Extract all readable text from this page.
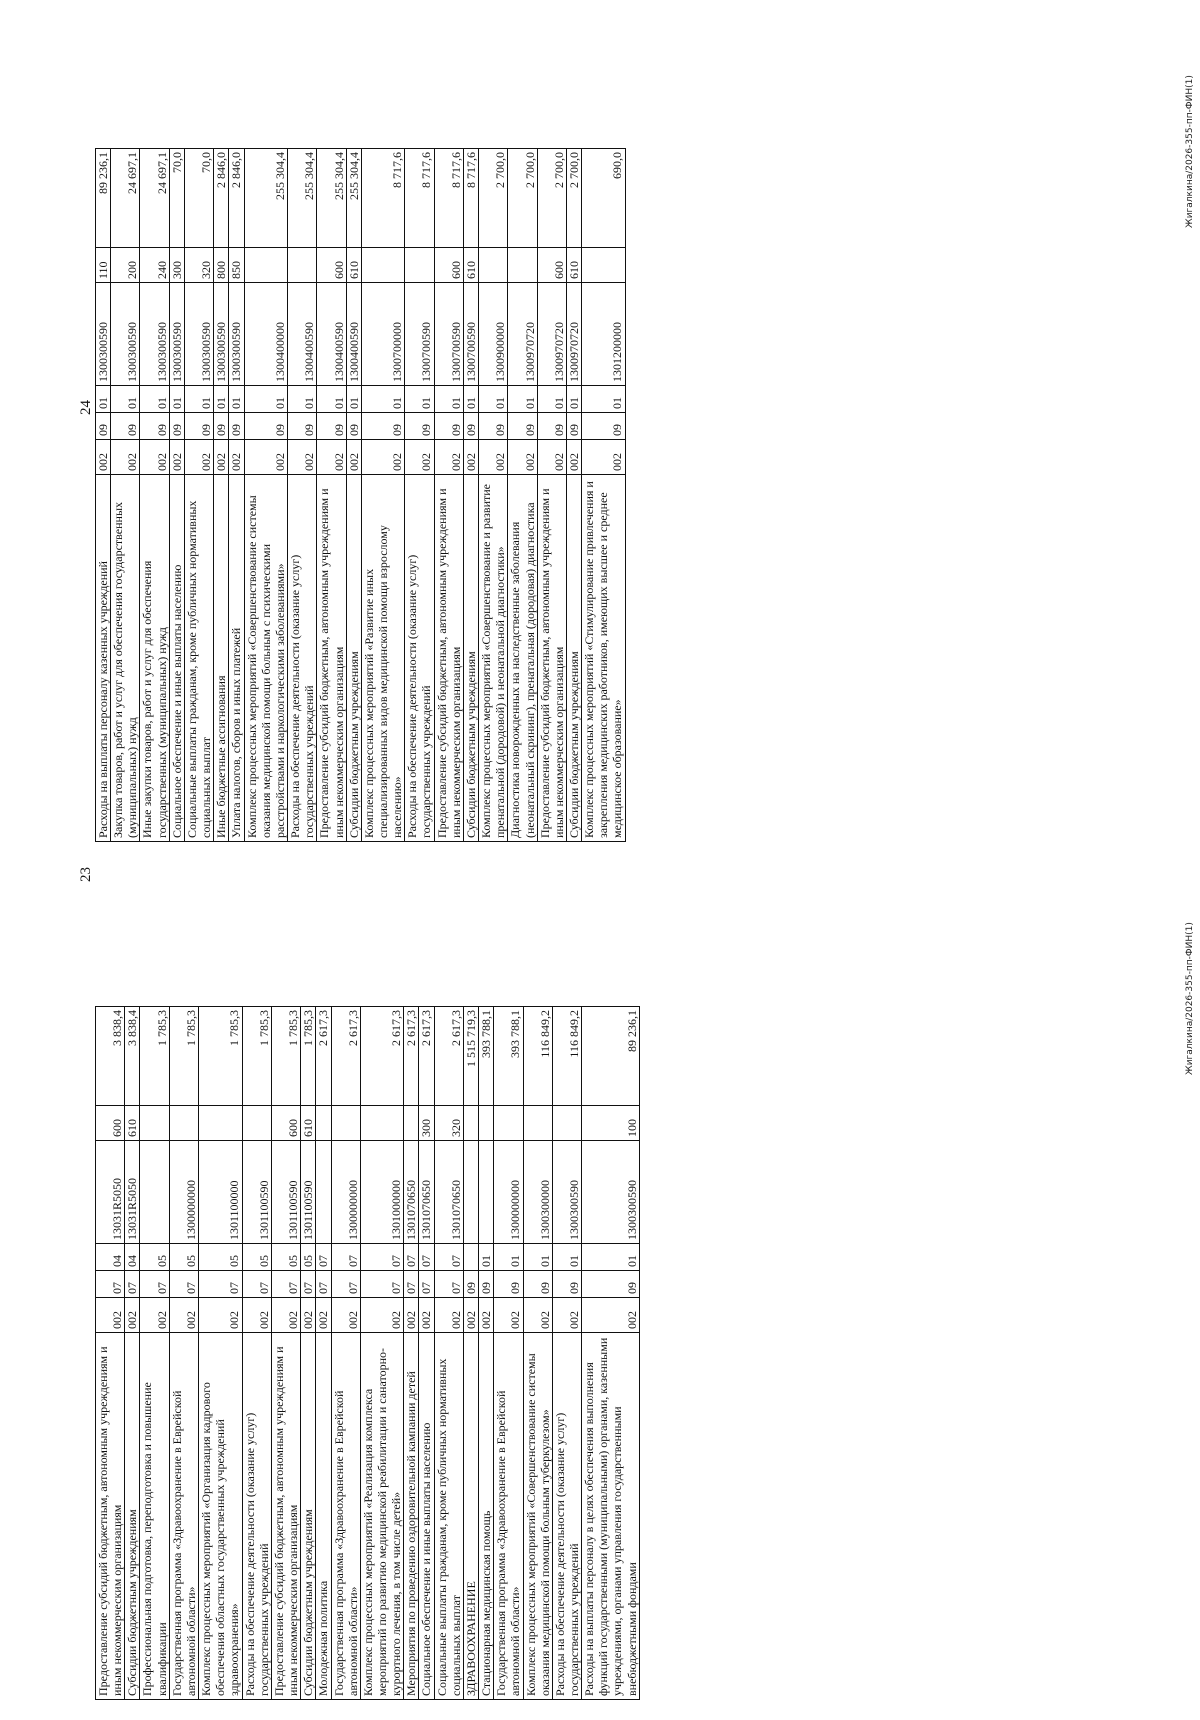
23
Предоставление субсидий бюджетным, автономным учреждениям и иным некоммерческим организациям	002	07	04	13031R5050	600	3 838,4
Субсидии бюджетным учреждениям	002	07	04	13031R5050	610	3 838,4
Профессиональная подготовка, переподготовка и повышение квалификации	002	07	05			1 785,3
Государственная программа «Здравоохранение в Еврейской автономной области»	002	07	05	1300000000		1 785,3
Комплекс процессных мероприятий «Организация кадрового обеспечения областных государственных учреждений здравоохранения»	002	07	05	1301100000		1 785,3
Расходы на обеспечение деятельности (оказание услуг) государственных учреждений	002	07	05	1301100590		1 785,3
Предоставление субсидий бюджетным, автономным учреждениям и иным некоммерческим организациям	002	07	05	1301100590	600	1 785,3
Субсидии бюджетным учреждениям	002	07	05	1301100590	610	1 785,3
Молодежная политика	002	07	07			2 617,3
Государственная программа «Здравоохранение в Еврейской автономной области»	002	07	07	1300000000		2 617,3
Комплекс процессных мероприятий «Реализация комплекса мероприятий по развитию медицинской реабилитации и санаторно-курортного лечения, в том числе детей»	002	07	07	1301000000		2 617,3
Мероприятия по проведению оздоровительной кампании детей	002	07	07	1301070650		2 617,3
Социальное обеспечение и иные выплаты населению	002	07	07	1301070650	300	2 617,3
Социальные выплаты гражданам, кроме публичных нормативных социальных выплат	002	07	07	1301070650	320	2 617,3
ЗДРАВООХРАНЕНИЕ	002	09				1 515 719,3
Стационарная медицинская помощь	002	09	01			393 788,1
Государственная программа «Здравоохранение в Еврейской автономной области»	002	09	01	1300000000		393 788,1
Комплекс процессных мероприятий «Совершенствование системы оказания медицинской помощи больным туберкулезом»	002	09	01	1300300000		116 849,2
Расходы на обеспечение деятельности (оказание услуг) государственных учреждений	002	09	01	1300300590		116 849,2
Расходы на выплаты персоналу в целях обеспечения выполнения функций государственными (муниципальными) органами, казенными учреждениями, органами управления государственными внебюджетными фондами	002	09	01	1300300590	100	89 236,1	Жигалкина/2026-355-пп-ФИН(1)
24
Расходы на выплаты персоналу казенных учреждений	002	09	01	1300300590	110	89 236,1
Закупка товаров, работ и услуг для обеспечения государственных (муниципальных) нужд	002	09	01	1300300590	200	24 697,1
Иные закупки товаров, работ и услуг для обеспечения государственных (муниципальных) нужд	002	09	01	1300300590	240	24 697,1
Социальное обеспечение и иные выплаты населению	002	09	01	1300300590	300	70,0
Социальные выплаты гражданам, кроме публичных нормативных социальных выплат	002	09	01	1300300590	320	70,0
Иные бюджетные ассигнования	002	09	01	1300300590	800	2 846,0
Уплата налогов, сборов и иных платежей	002	09	01	1300300590	850	2 846,0
Комплекс процессных мероприятий «Совершенствование системы оказания медицинской помощи больным с психическими расстройствами и наркологическими заболеваниями»	002	09	01	1300400000		255 304,4
Расходы на обеспечение деятельности (оказание услуг) государственных учреждений	002	09	01	1300400590		255 304,4
Предоставление субсидий бюджетным, автономным учреждениям и иным некоммерческим организациям	002	09	01	1300400590	600	255 304,4
Субсидии бюджетным учреждениям	002	09	01	1300400590	610	255 304,4
Комплекс процессных мероприятий «Развитие иных специализированных видов медицинской помощи взрослому населению»	002	09	01	1300700000		8 717,6
Расходы на обеспечение деятельности (оказание услуг) государственных учреждений	002	09	01	1300700590		8 717,6
Предоставление субсидий бюджетным, автономным учреждениям и иным некоммерческим организациям	002	09	01	1300700590	600	8 717,6
Субсидии бюджетным учреждениям	002	09	01	1300700590	610	8 717,6
Комплекс процессных мероприятий «Совершенствование и развитие пренатальной (дородовой) и неонатальной диагностики»	002	09	01	1300900000		2 700,0
Диагностика новорожденных на наследственные заболевания (неонатальный скрининг), пренатальная (дородовая) диагностика	002	09	01	1300970720		2 700,0
Предоставление субсидий бюджетным, автономным учреждениям и иным некоммерческим организациям	002	09	01	1300970720	600	2 700,0
Субсидии бюджетным учреждениям	002	09	01	1300970720	610	2 700,0
Комплекс процессных мероприятий «Стимулирование привлечения и закрепления медицинских работников, имеющих высшее и среднее медицинское образование»	002	09	01	1301200000		690,0	Жигалкина/2026-355-пп-ФИН(1)
